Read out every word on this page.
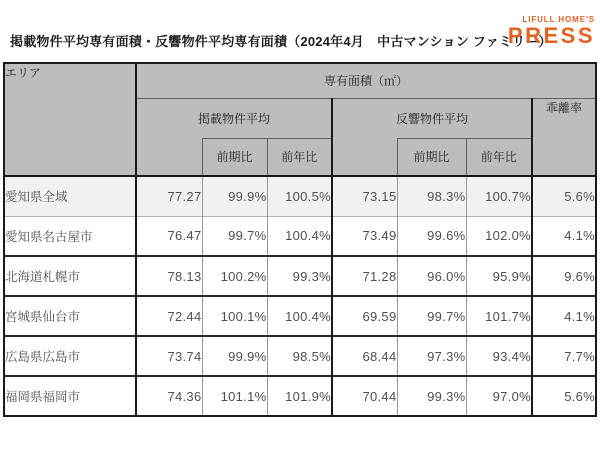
掲載物件平均専有面積・反響物件平均専有面積（2024年4月　中古マンション ファミリー）
LIFULL HOME'S
PRESS
エリア	専有面積（㎡）						
	掲載物件平均			反響物件平均			乖離率
		前期比	前年比		前期比	前年比	
愛知県全域	77.27	99.9%	100.5%	73.15	98.3%	100.7%	5.6%
愛知県名古屋市	76.47	99.7%	100.4%	73.49	99.6%	102.0%	4.1%
北海道札幌市	78.13	100.2%	99.3%	71.28	96.0%	95.9%	9.6%
宮城県仙台市	72.44	100.1%	100.4%	69.59	99.7%	101.7%	4.1%
広島県広島市	73.74	99.9%	98.5%	68.44	97.3%	93.4%	7.7%
福岡県福岡市	74.36	101.1%	101.9%	70.44	99.3%	97.0%	5.6%
